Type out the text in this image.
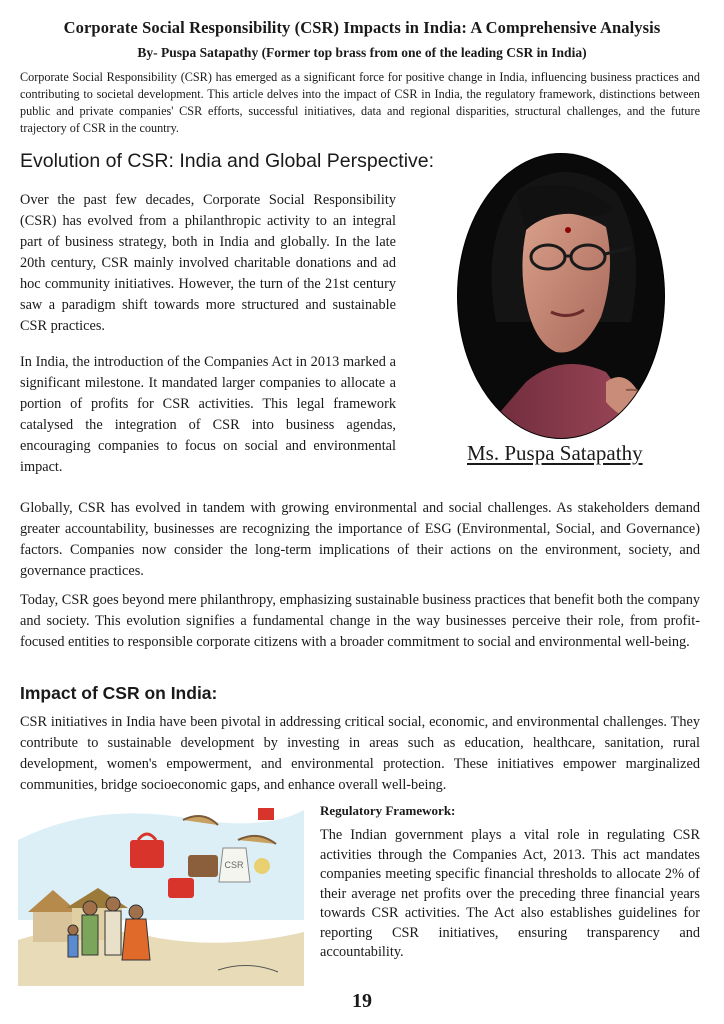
Corporate Social Responsibility (CSR) Impacts in India: A Comprehensive Analysis
By- Puspa Satapathy (Former top brass from one of the leading CSR in India)

Corporate Social Responsibility (CSR) has emerged as a significant force for positive change in India, influencing business practices and contributing to societal development. This article delves into the impact of CSR in India, the regulatory framework, distinctions between public and private companies' CSR efforts, successful initiatives, data and regional disparities, structural challenges, and the future trajectory of CSR in the country.

Evolution of CSR: India and Global Perspective:

Over the past few decades, Corporate Social Responsibility (CSR) has evolved from a philanthropic activity to an integral part of business strategy, both in India and globally. In the late 20th century, CSR mainly involved charitable donations and ad hoc community initiatives. However, the turn of the 21st century saw a paradigm shift towards more structured and sustainable CSR practices.

In India, the introduction of the Companies Act in 2013 marked a significant milestone. It mandated larger companies to allocate a portion of profits for CSR activities. This legal framework catalysed the integration of CSR into business agendas, encouraging companies to focus on social and environmental impact.

Ms. Puspa Satapathy

Globally, CSR has evolved in tandem with growing environmental and social challenges. As stakeholders demand greater accountability, businesses are recognizing the importance of ESG (Environmental, Social, and Governance) factors. Companies now consider the long-term implications of their actions on the environment, society, and governance practices.

Today, CSR goes beyond mere philanthropy, emphasizing sustainable business practices that benefit both the company and society. This evolution signifies a fundamental change in the way businesses perceive their role, from profit-focused entities to responsible corporate citizens with a broader commitment to social and environmental well-being.

Impact of CSR on India:

CSR initiatives in India have been pivotal in addressing critical social, economic, and environmental challenges. They contribute to sustainable development by investing in areas such as education, healthcare, sanitation, rural development, women's empowerment, and environmental protection. These initiatives empower marginalized communities, bridge socioeconomic gaps, and enhance overall well-being.

CSR
Regulatory Framework:

The Indian government plays a vital role in regulating CSR activities through the Companies Act, 2013. This act mandates companies meeting specific financial thresholds to allocate 2% of their average net profits over the preceding three financial years towards CSR activities. The Act also establishes guidelines for reporting CSR initiatives, ensuring transparency and accountability.

19
